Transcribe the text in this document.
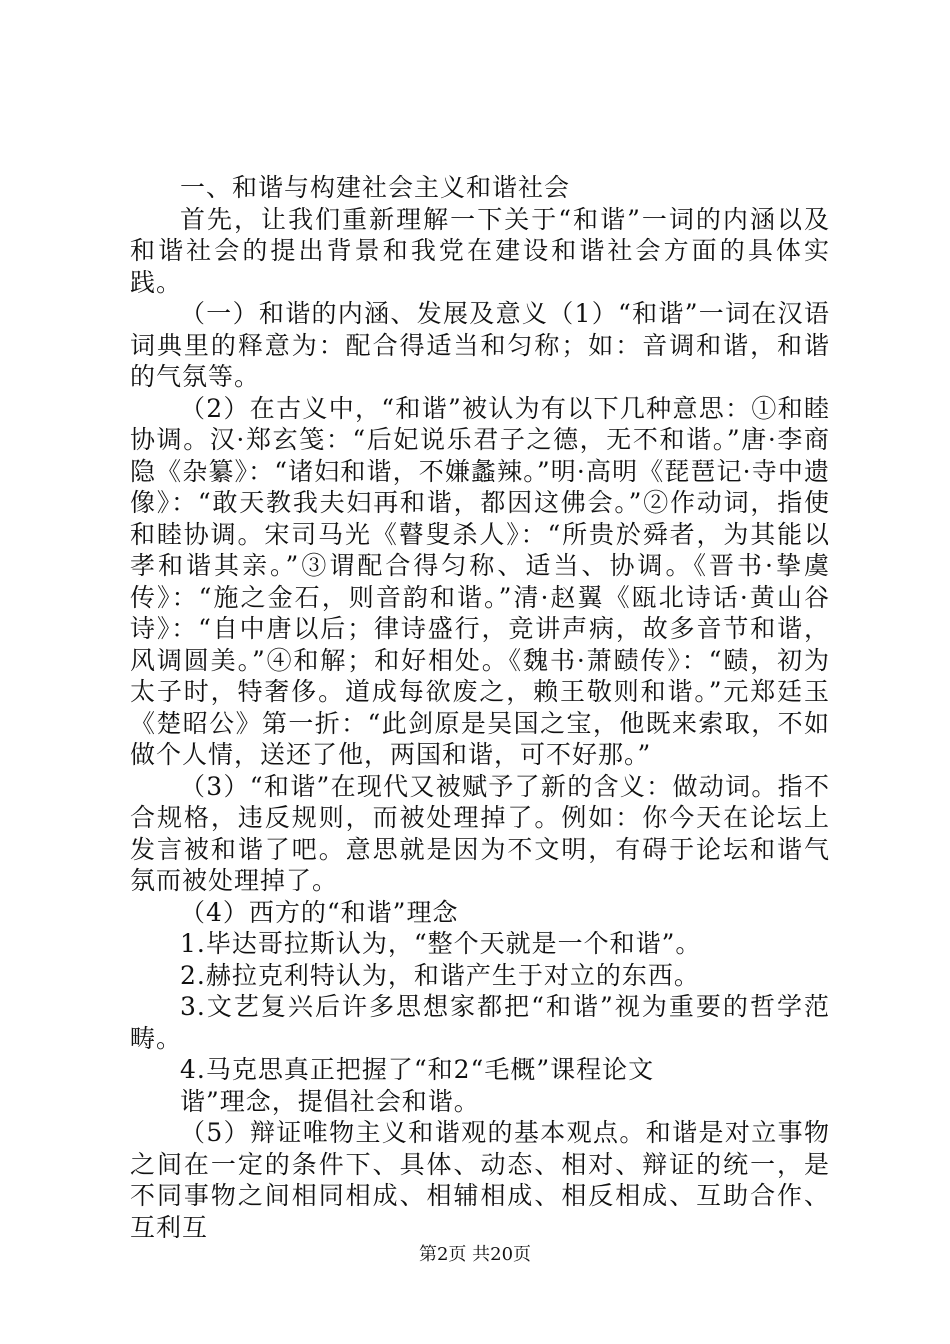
一、和谐与构建社会主义和谐社会

首先，让我们重新理解一下关于“和谐”一词的内涵以及和谐社会的提出背景和我党在建设和谐社会方面的具体实践。

（一）和谐的内涵、发展及意义（1）“和谐”一词在汉语词典里的释意为：配合得适当和匀称；如：音调和谐，和谐的气氛等。

（2）在古义中，“和谐”被认为有以下几种意思：①和睦协调。汉·郑玄笺：“后妃说乐君子之德，无不和谐。”唐·李商隐《杂纂》：“诸妇和谐，不嫌蠡辣。”明·高明《琵琶记·寺中遗像》：“敢天教我夫妇再和谐，都因这佛会。”②作动词，指使和睦协调。宋司马光《瞽叟杀人》：“所贵於舜者，为其能以孝和谐其亲。”③谓配合得匀称、适当、协调。《晋书·挚虞传》：“施之金石，则音韵和谐。”清·赵翼《瓯北诗话·黄山谷诗》：“自中唐以后；律诗盛行，竞讲声病，故多音节和谐，风调圆美。”④和解；和好相处。《魏书·萧赜传》：“赜，初为太子时，特奢侈。道成每欲废之，赖王敬则和谐。”元郑廷玉《楚昭公》第一折：“此剑原是吴国之宝，他既来索取，不如做个人情，送还了他，两国和谐，可不好那。”

（3）“和谐”在现代又被赋予了新的含义：做动词。指不合规格，违反规则，而被处理掉了。例如：你今天在论坛上发言被和谐了吧。意思就是因为不文明，有碍于论坛和谐气氛而被处理掉了。

（4）西方的“和谐”理念

1.毕达哥拉斯认为，“整个天就是一个和谐”。

2.赫拉克利特认为，和谐产生于对立的东西。

3.文艺复兴后许多思想家都把“和谐”视为重要的哲学范畴。

4.马克思真正把握了“和2“毛概”课程论文

谐”理念，提倡社会和谐。

（5）辩证唯物主义和谐观的基本观点。和谐是对立事物之间在一定的条件下、具体、动态、相对、辩证的统一，是不同事物之间相同相成、相辅相成、相反相成、互助合作、互利互

第2页 共20页
